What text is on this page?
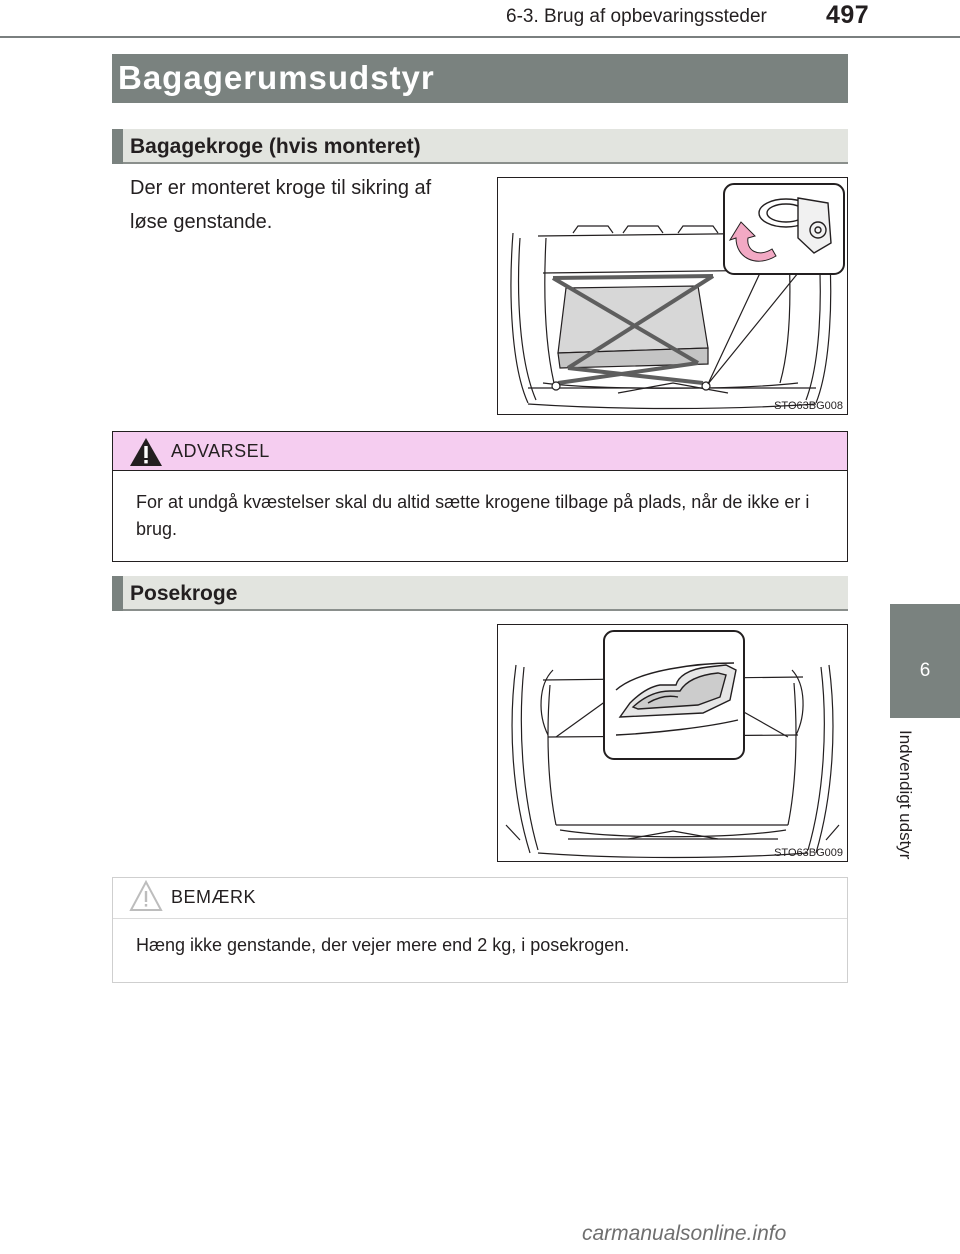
6-3. Brug af opbevaringssteder 497
6
Indvendigt udstyr
Bagagerumsudstyr
Bagagekroge (hvis monteret)
Der er monteret kroge til sikring af
løse genstande.
STO63BG008
ADVARSEL
For at undgå kvæstelser skal du altid sætte krogene tilbage på plads, når de ikke er i brug.
Posekroge
STO63BG009
BEMÆRK
Hæng ikke genstande, der vejer mere end 2 kg, i posekrogen.
carmanualsonline.info
